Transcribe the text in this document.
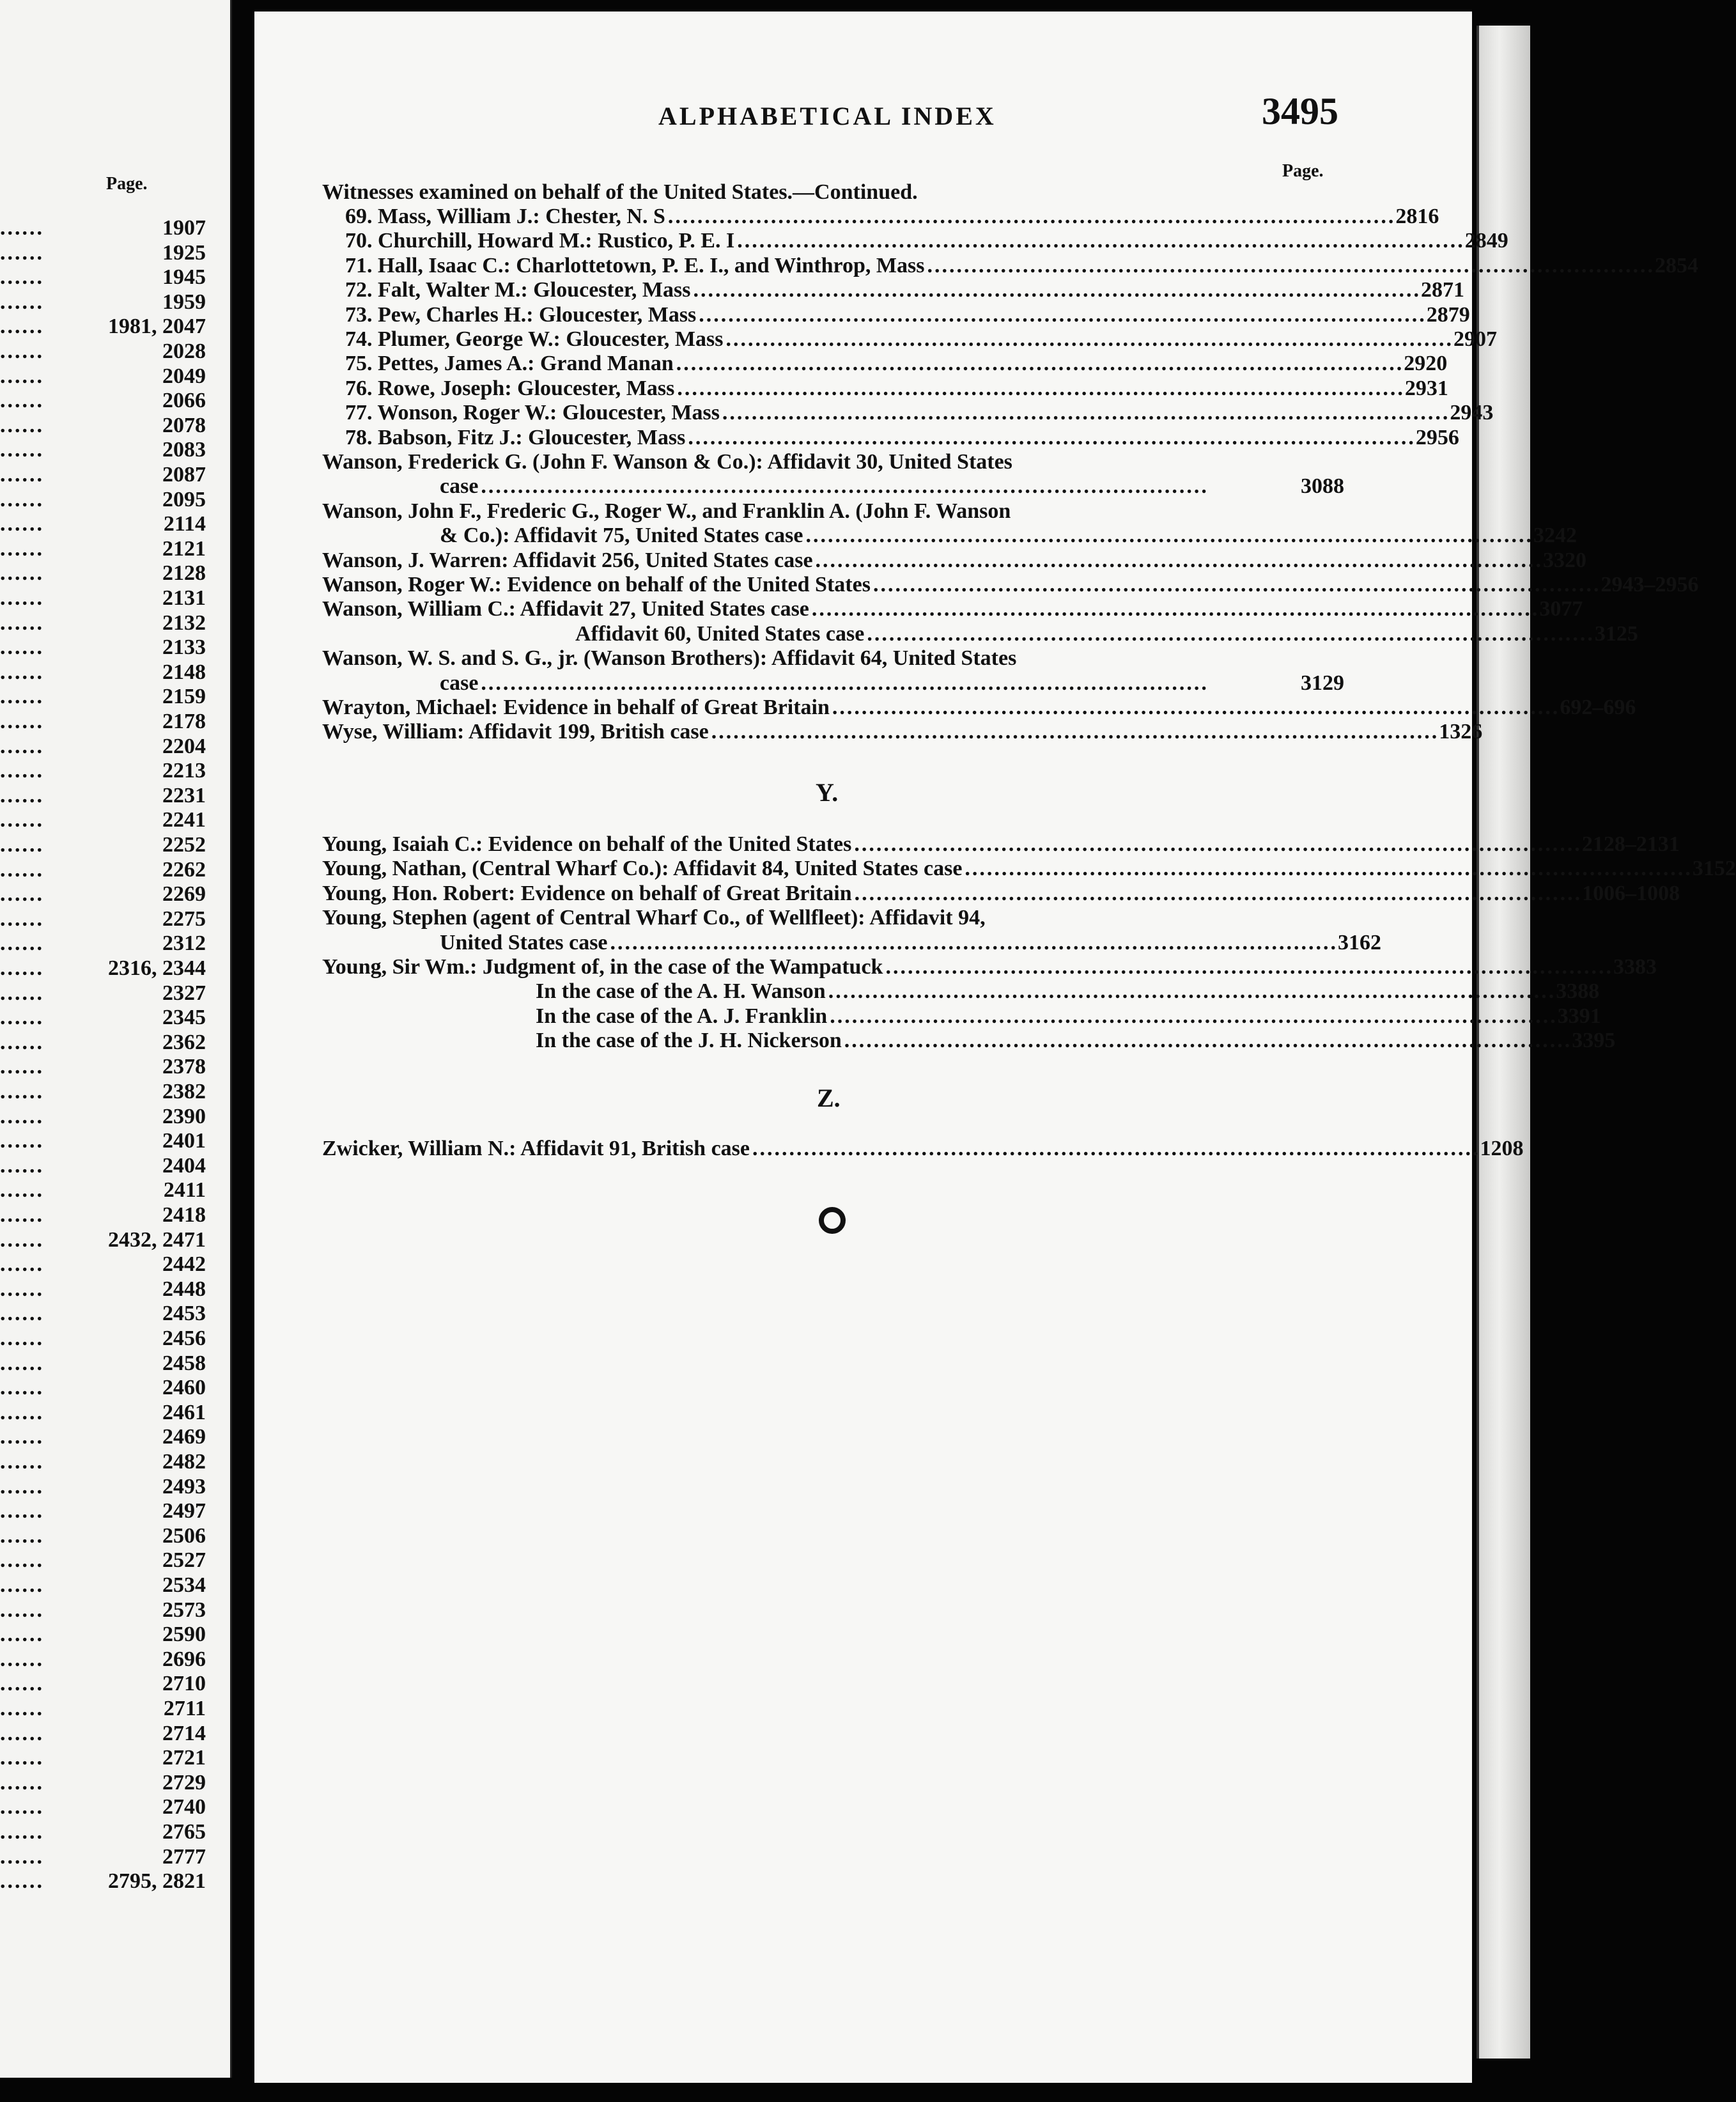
Page.
......	1907
......	1925
......	1945
......	1959
......	1981, 2047
......	2028
......	2049
......	2066
......	2078
......	2083
......	2087
......	2095
......	2114
......	2121
......	2128
......	2131
......	2132
......	2133
......	2148
......	2159
......	2178
......	2204
......	2213
......	2231
......	2241
......	2252
......	2262
......	2269
......	2275
......	2312
......	2316, 2344
......	2327
......	2345
......	2362
......	2378
......	2382
......	2390
......	2401
......	2404
......	2411
......	2418
......	2432, 2471
......	2442
......	2448
......	2453
......	2456
......	2458
......	2460
......	2461
......	2469
......	2482
......	2493
......	2497
......	2506
......	2527
......	2534
......	2573
......	2590
......	2696
......	2710
......	2711
......	2714
......	2721
......	2729
......	2740
......	2765
......	2777
......	2795, 2821
ALPHABETICAL INDEX	3495
Page.
Witnesses examined on behalf of the United States.—Continued.
69. Mass, William J.: Chester, N. S ................................................................................................... 2816
70. Churchill, Howard M.: Rustico, P. E. I ................................................................................................... 2849
71. Hall, Isaac C.: Charlottetown, P. E. I., and Winthrop, Mass ................................................................................................... 2854
72. Falt, Walter M.: Gloucester, Mass ................................................................................................... 2871
73. Pew, Charles H.: Gloucester, Mass ................................................................................................... 2879
74. Plumer, George W.: Gloucester, Mass ................................................................................................... 2907
75. Pettes, James A.: Grand Manan ................................................................................................... 2920
76. Rowe, Joseph: Gloucester, Mass ................................................................................................... 2931
77. Wonson, Roger W.: Gloucester, Mass ................................................................................................... 2943
78. Babson, Fitz J.: Gloucester, Mass ................................................................................................... 2956
Wanson, Frederick G. (John F. Wanson & Co.): Affidavit 30, United States
case ...................................................................................................	3088
Wanson, John F., Frederic G., Roger W., and Franklin A. (John F. Wanson
& Co.): Affidavit 75, United States case ................................................................................................... 3242
Wanson, J. Warren: Affidavit 256, United States case ................................................................................................... 3320
Wanson, Roger W.: Evidence on behalf of the United States ................................................................................................... 2943–2956
Wanson, William C.: Affidavit 27, United States case ................................................................................................... 3077
Affidavit 60, United States case ................................................................................................... 3125
Wanson, W. S. and S. G., jr. (Wanson Brothers): Affidavit 64, United States
case ...................................................................................................	3129
Wrayton, Michael: Evidence in behalf of Great Britain ................................................................................................... 692–696
Wyse, William: Affidavit 199, British case ................................................................................................... 1326
Y.
Young, Isaiah C.: Evidence on behalf of the United States ................................................................................................... 2128–2131
Young, Nathan, (Central Wharf Co.): Affidavit 84, United States case ................................................................................................... 3152
Young, Hon. Robert: Evidence on behalf of Great Britain ................................................................................................... 1006–1008
Young, Stephen (agent of Central Wharf Co., of Wellfleet): Affidavit 94,
United States case ................................................................................................... 3162
Young, Sir Wm.: Judgment of, in the case of the Wampatuck ................................................................................................... 3383
In the case of the A. H. Wanson ................................................................................................... 3388
In the case of the A. J. Franklin ................................................................................................... 3391
In the case of the J. H. Nickerson ................................................................................................... 3395
Z.
Zwicker, William N.: Affidavit 91, British case ................................................................................................... 1208
